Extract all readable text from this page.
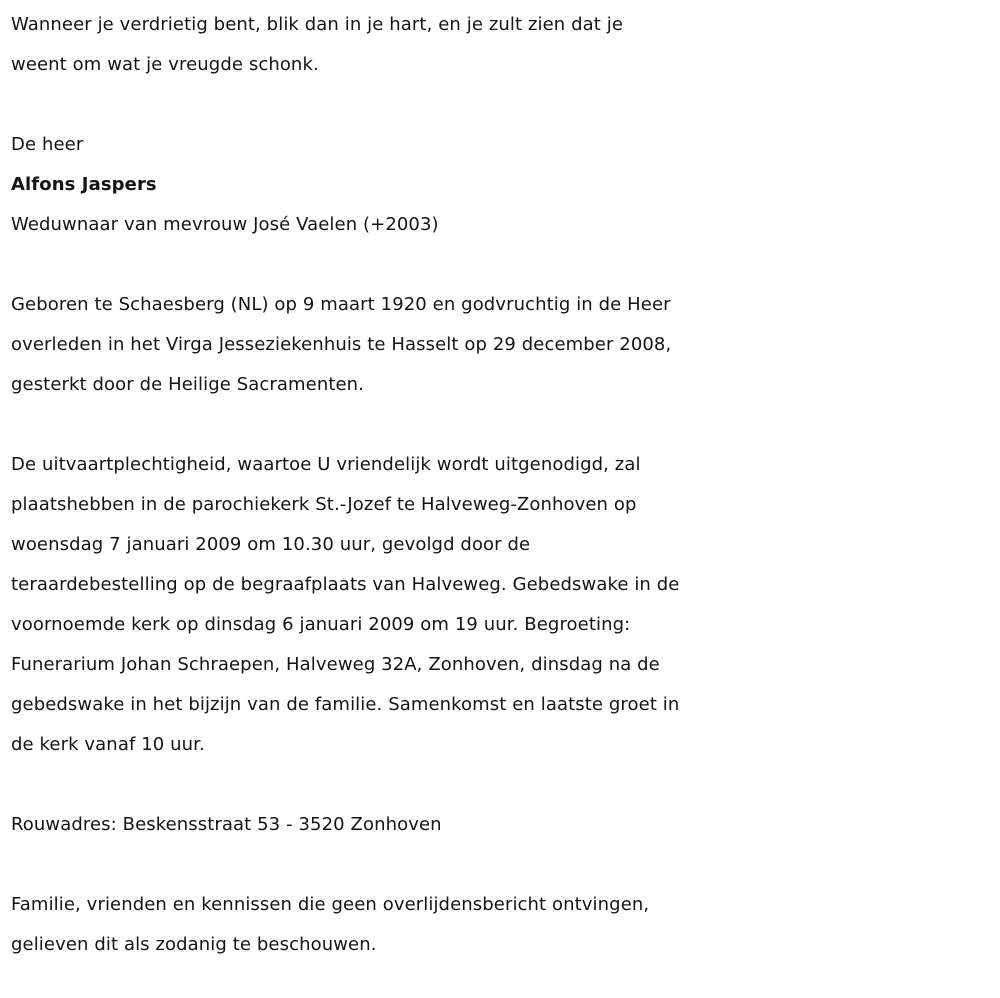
Wanneer je verdrietig bent, blik dan in je hart, en je zult zien dat je

weent om wat je vreugde schonk.

De heer

Alfons Jaspers

Weduwnaar van mevrouw José Vaelen (+2003)

Geboren te Schaesberg (NL) op 9 maart 1920 en godvruchtig in de Heer

overleden in het Virga Jesseziekenhuis te Hasselt op 29 december 2008,

gesterkt door de Heilige Sacramenten.

De uitvaartplechtigheid, waartoe U vriendelijk wordt uitgenodigd, zal

plaatshebben in de parochiekerk St.-Jozef te Halveweg-Zonhoven op

woensdag 7 januari 2009 om 10.30 uur, gevolgd door de

teraardebestelling op de begraafplaats van Halveweg. Gebedswake in de

voornoemde kerk op dinsdag 6 januari 2009 om 19 uur. Begroeting:

Funerarium Johan Schraepen, Halveweg 32A, Zonhoven, dinsdag na de

gebedswake in het bijzijn van de familie. Samenkomst en laatste groet in

de kerk vanaf 10 uur.

Rouwadres: Beskensstraat 53 - 3520 Zonhoven

Familie, vrienden en kennissen die geen overlijdensbericht ontvingen,

gelieven dit als zodanig te beschouwen.
